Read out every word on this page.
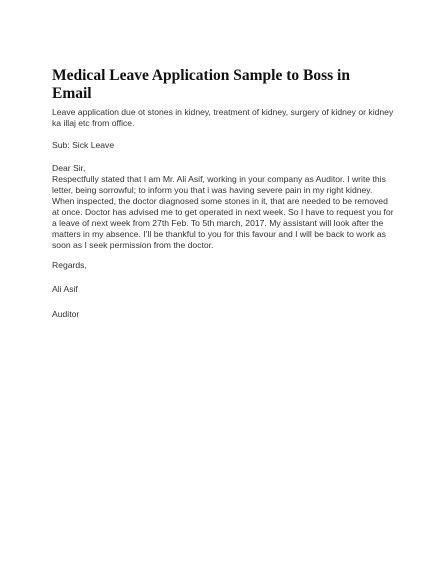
Medical Leave Application Sample to Boss in Email

Leave application due ot stones in kidney, treatment of kidney, surgery of kidney or kidney ka illaj etc from office.

Sub: Sick Leave

Dear Sir,

Respectfully stated that I am Mr. Ali Asif, working in your company as Auditor. I write this letter, being sorrowful; to inform you that i was having severe pain in my right kidney. When inspected, the doctor diagnosed some stones in it, that are needed to be removed at once. Doctor has advised me to get operated in next week. So I have to request you for a leave of next week from 27th Feb. To 5th march, 2017. My assistant will look after the matters in my absence. I’ll be thankful to you for this favour and I will be back to work as soon as I seek permission from the doctor.

Regards,

Ali Asif

Auditor
